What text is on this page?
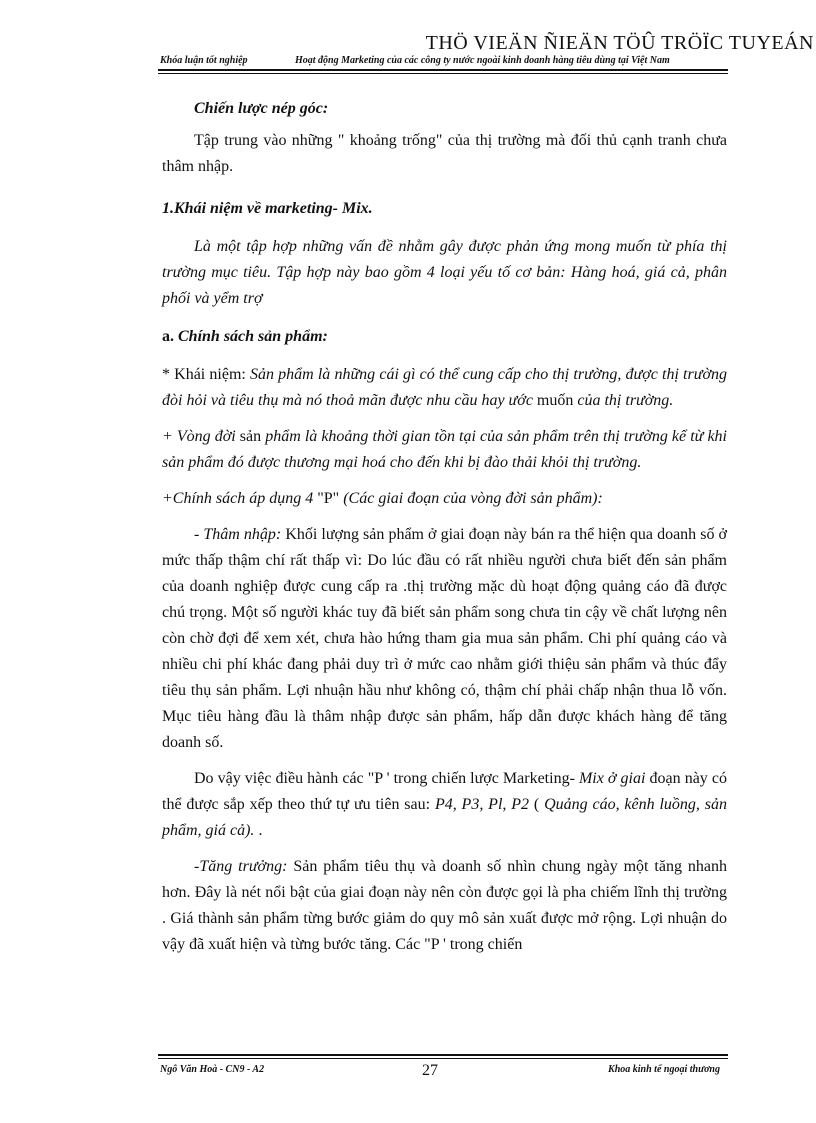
THÖ VIEÄN ÑIEÄN TÖÛ TRÖÏC TUYEÁN
Khóa luận tốt nghiệp	Hoạt động Marketing của các công ty nước ngoài kinh doanh hàng tiêu dùng tại Việt Nam

Chiến lược nép góc:

Tập trung vào những " khoảng trống" của thị trường mà đối thủ cạnh tranh chưa thâm nhập.

1.Khái niệm về marketing- Mix.

Là một tập hợp những vấn đề nhằm gây được phản ứng mong muốn từ phía thị trường mục tiêu. Tập hợp này bao gồm 4 loại yếu tố cơ bản: Hàng hoá, giá cả, phân phối và yểm trợ

a. Chính sách sản phẩm:

* Khái niệm: Sản phẩm là những cái gì có thể cung cấp cho thị trường, được thị trường đòi hỏi và tiêu thụ mà nó thoả mãn được nhu cầu hay ước muốn của thị trường.

+ Vòng đời sản phẩm là khoảng thời gian tồn tại của sản phẩm trên thị trường kể từ khi sản phẩm đó được thương mại hoá cho đến khi bị đào thải khỏi thị trường.

+Chính sách áp dụng 4 "P" (Các giai đoạn của vòng đời sản phẩm):

- Thâm nhập: Khối lượng sản phẩm ở giai đoạn này bán ra thể hiện qua doanh số ở mức thấp thậm chí rất thấp vì: Do lúc đầu có rất nhiều người chưa biết đến sản phẩm của doanh nghiệp được cung cấp ra .thị trường mặc dù hoạt động quảng cáo đã được chú trọng. Một số người khác tuy đã biết sản phẩm song chưa tin cậy về chất lượng nên còn chờ đợi để xem xét, chưa hào hứng tham gia mua sản phẩm. Chi phí quảng cáo và nhiều chi phí khác đang phải duy trì ở mức cao nhằm giới thiệu sản phẩm và thúc đẩy tiêu thụ sản phẩm. Lợi nhuận hầu như không có, thậm chí phải chấp nhận thua lỗ vốn. Mục tiêu hàng đầu là thâm nhập được sản phẩm, hấp dẫn được khách hàng để tăng doanh số.

Do vậy việc điều hành các "P ' trong chiến lược Marketing- Mix ở giai đoạn này có thể được sắp xếp theo thứ tự ưu tiên sau: P4, P3, Pl, P2 ( Quảng cáo, kênh luồng, sản phẩm, giá cả). .

-Tăng trưởng: Sản phẩm tiêu thụ và doanh số nhìn chung ngày một tăng nhanh hơn. Đây là nét nổi bật của giai đoạn này nên còn được gọi là pha chiếm lĩnh thị trường . Giá thành sản phẩm từng bước giảm do quy mô sản xuất được mở rộng. Lợi nhuận do vậy đã xuất hiện và từng bước tăng. Các "P ' trong chiến

Ngô Văn Hoà - CN9 - A2	27	Khoa kinh tế ngoại thương
